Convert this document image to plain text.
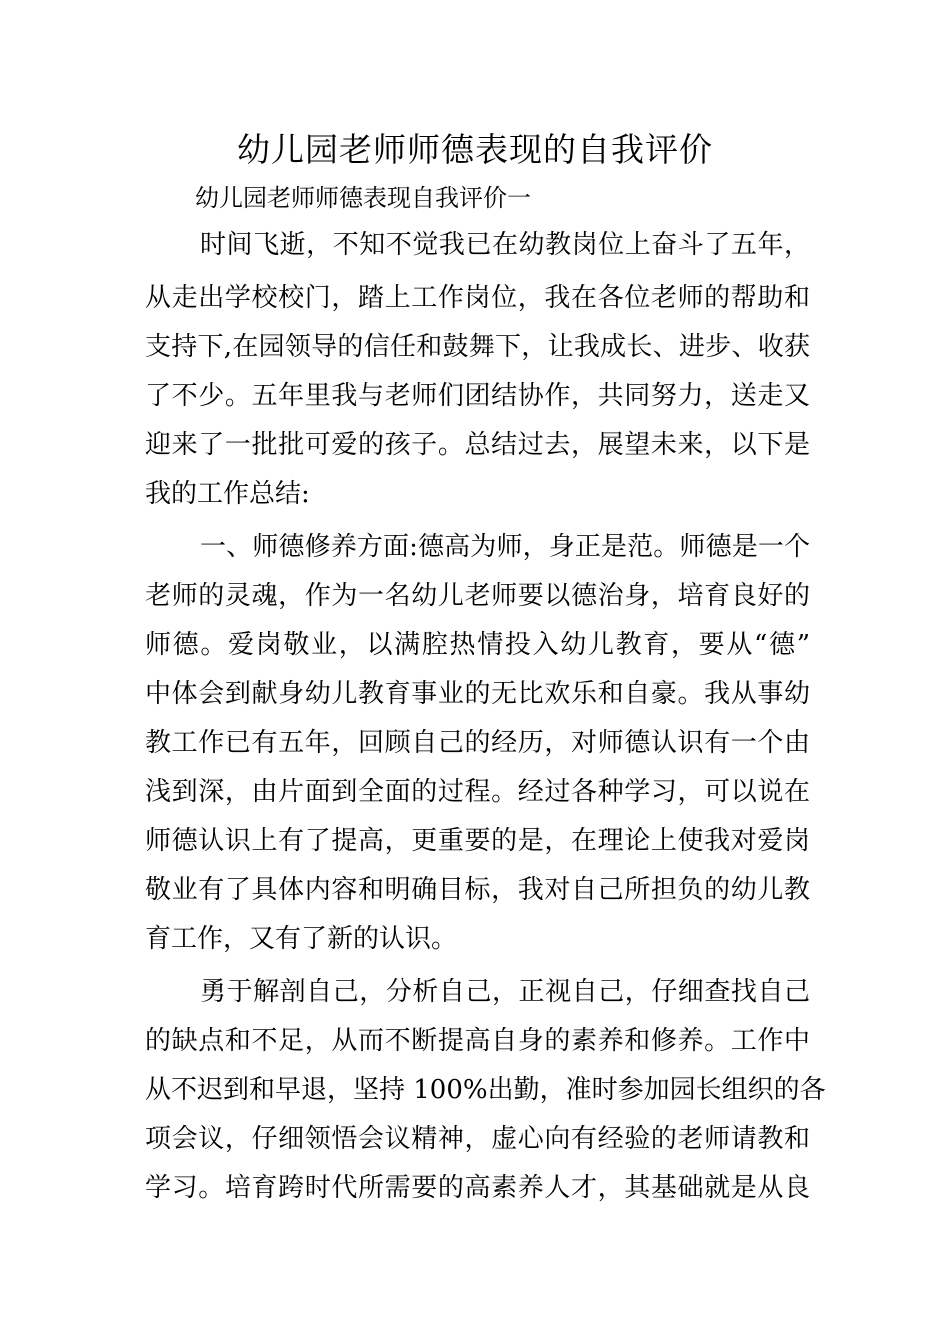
幼儿园老师师德表现的自我评价
幼儿园老师师德表现自我评价一
时间飞逝，不知不觉我已在幼教岗位上奋斗了五年，
从走出学校校门，踏上工作岗位，我在各位老师的帮助和
支持下,在园领导的信任和鼓舞下，让我成长、进步、收获
了不少。五年里我与老师们团结协作，共同努力，送走又
迎来了一批批可爱的孩子。总结过去，展望未来，以下是
我的工作总结:
一、师德修养方面:德高为师，身正是范。师德是一个
老师的灵魂，作为一名幼儿老师要以德治身，培育良好的
师德。爱岗敬业，以满腔热情投入幼儿教育，要从“德”
中体会到献身幼儿教育事业的无比欢乐和自豪。我从事幼
教工作已有五年，回顾自己的经历，对师德认识有一个由
浅到深，由片面到全面的过程。经过各种学习，可以说在
师德认识上有了提高，更重要的是，在理论上使我对爱岗
敬业有了具体内容和明确目标，我对自己所担负的幼儿教
育工作，又有了新的认识。
勇于解剖自己，分析自己，正视自己，仔细查找自己
的缺点和不足，从而不断提高自身的素养和修养。工作中
从不迟到和早退，坚持 100%出勤，准时参加园长组织的各
项会议，仔细领悟会议精神，虚心向有经验的老师请教和
学习。培育跨时代所需要的高素养人才，其基础就是从良
